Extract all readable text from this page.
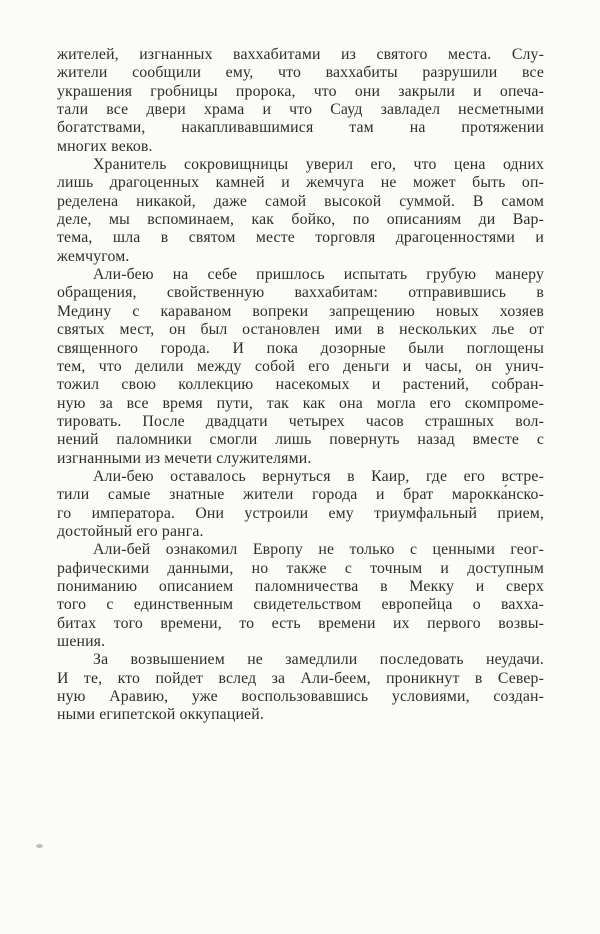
жителей, изгнанных ваххабитами из святого места. Слу-
жители сообщили ему, что ваххабиты разрушили все
украшения гробницы пророка, что они закрыли и опеча-
тали все двери храма и что Сауд завладел несметными
богатствами, накапливавшимися там на протяжении
многих веков.
Хранитель сокровищницы уверил его, что цена одних
лишь драгоценных камней и жемчуга не может быть оп-
ределена никакой, даже самой высокой суммой. В самом
деле, мы вспоминаем, как бойко, по описаниям ди Вар-
тема, шла в святом месте торговля драгоценностями и
жемчугом.
Али-бею на себе пришлось испытать грубую манеру
обращения, свойственную ваххабитам: отправившись в
Медину с караваном вопреки запрещению новых хозяев
святых мест, он был остановлен ими в нескольких лье от
священного города. И пока дозорные были поглощены
тем, что делили между собой его деньги и часы, он унич-
тожил свою коллекцию насекомых и растений, собран-
ную за все время пути, так как она могла его скомпроме-
тировать. После двадцати четырех часов страшных вол-
нений паломники смогли лишь повернуть назад вместе с
изгнанными из мечети служителями.
Али-бею оставалось вернуться в Каир, где его встре-
тили самые знатные жители города и брат марокка́нско-
го императора. Они устроили ему триумфальный прием,
достойный его ранга.
Али-бей ознакомил Европу не только с ценными геог-
рафическими данными, но также с точным и доступным
пониманию описанием паломничества в Мекку и сверх
того с единственным свидетельством европейца о вахха-
битах того времени, то есть времени их первого возвы-
шения.
За возвышением не замедлили последовать неудачи.
И те, кто пойдет вслед за Али-беем, проникнут в Север-
ную Аравию, уже воспользовавшись условиями, создан-
ными египетской оккупацией.
